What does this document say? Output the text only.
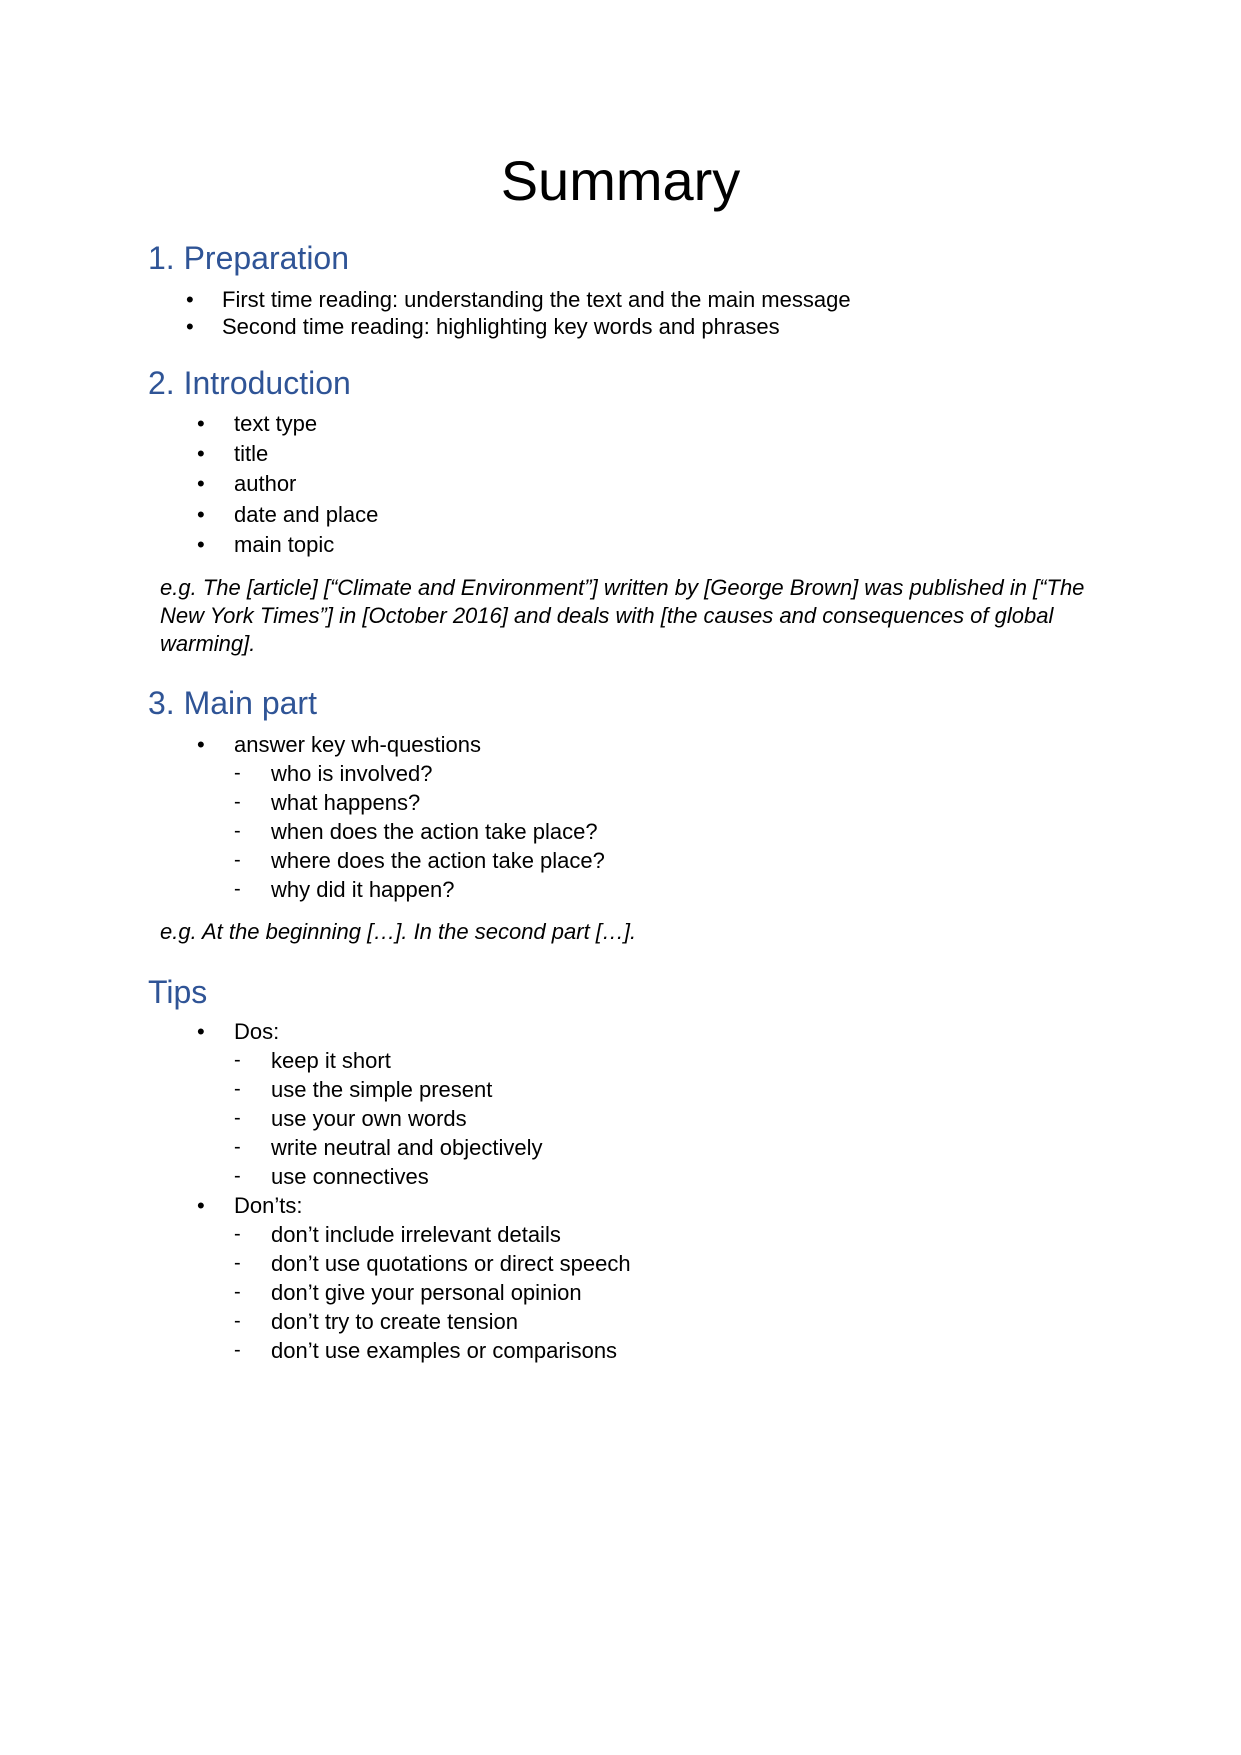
Summary
1. Preparation
• First time reading: understanding the text and the main message
• Second time reading: highlighting key words and phrases
2. Introduction
• text type
• title
• author
• date and place
• main topic

e.g. The [article] [“Climate and Environment”] written by [George Brown] was published in [“The New York Times”] in [October 2016] and deals with [the causes and consequences of global warming].

3. Main part
• answer key wh-questions
- who is involved?
- what happens?
- when does the action take place?
- where does the action take place?
- why did it happen?

e.g. At the beginning […]. In the second part […].

Tips
• Dos:
- keep it short
- use the simple present
- use your own words
- write neutral and objectively
- use connectives
• Don’ts:
- don’t include irrelevant details
- don’t use quotations or direct speech
- don’t give your personal opinion
- don’t try to create tension
- don’t use examples or comparisons
